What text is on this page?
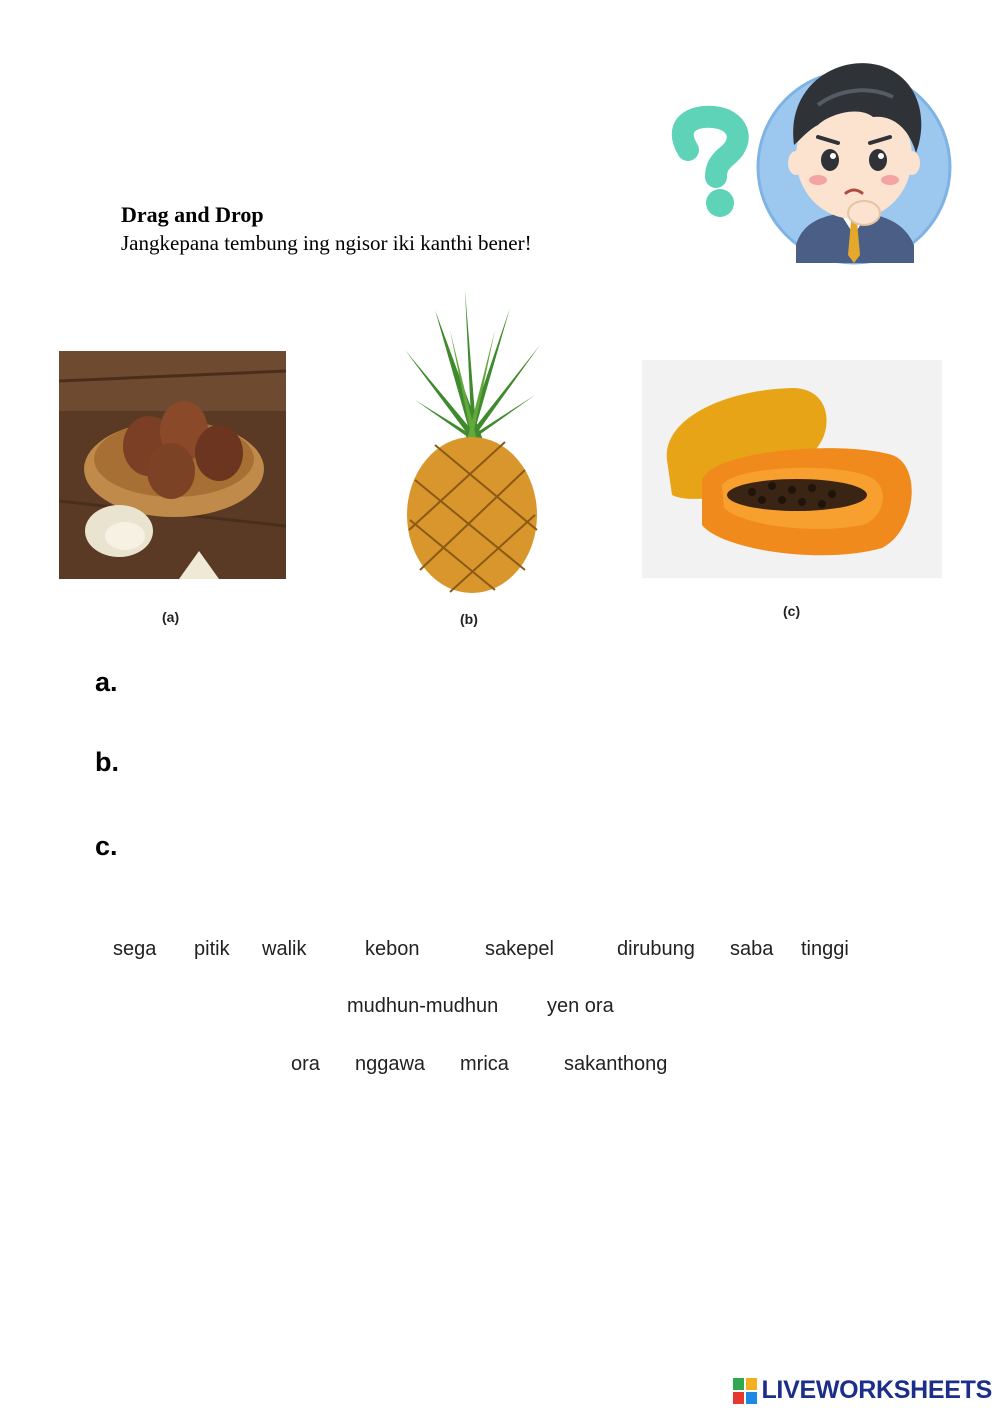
Drag and Drop
Jangkepana tembung ing ngisor iki kanthi bener!
(a)	(b)	(c)
a.
b.
c.
sega pitik walik	kebon	sakepel	dirubung saba tinggi
mudhun-mudhun yen ora
ora nggawa mrica	sakanthong
LIVEWORKSHEETS
